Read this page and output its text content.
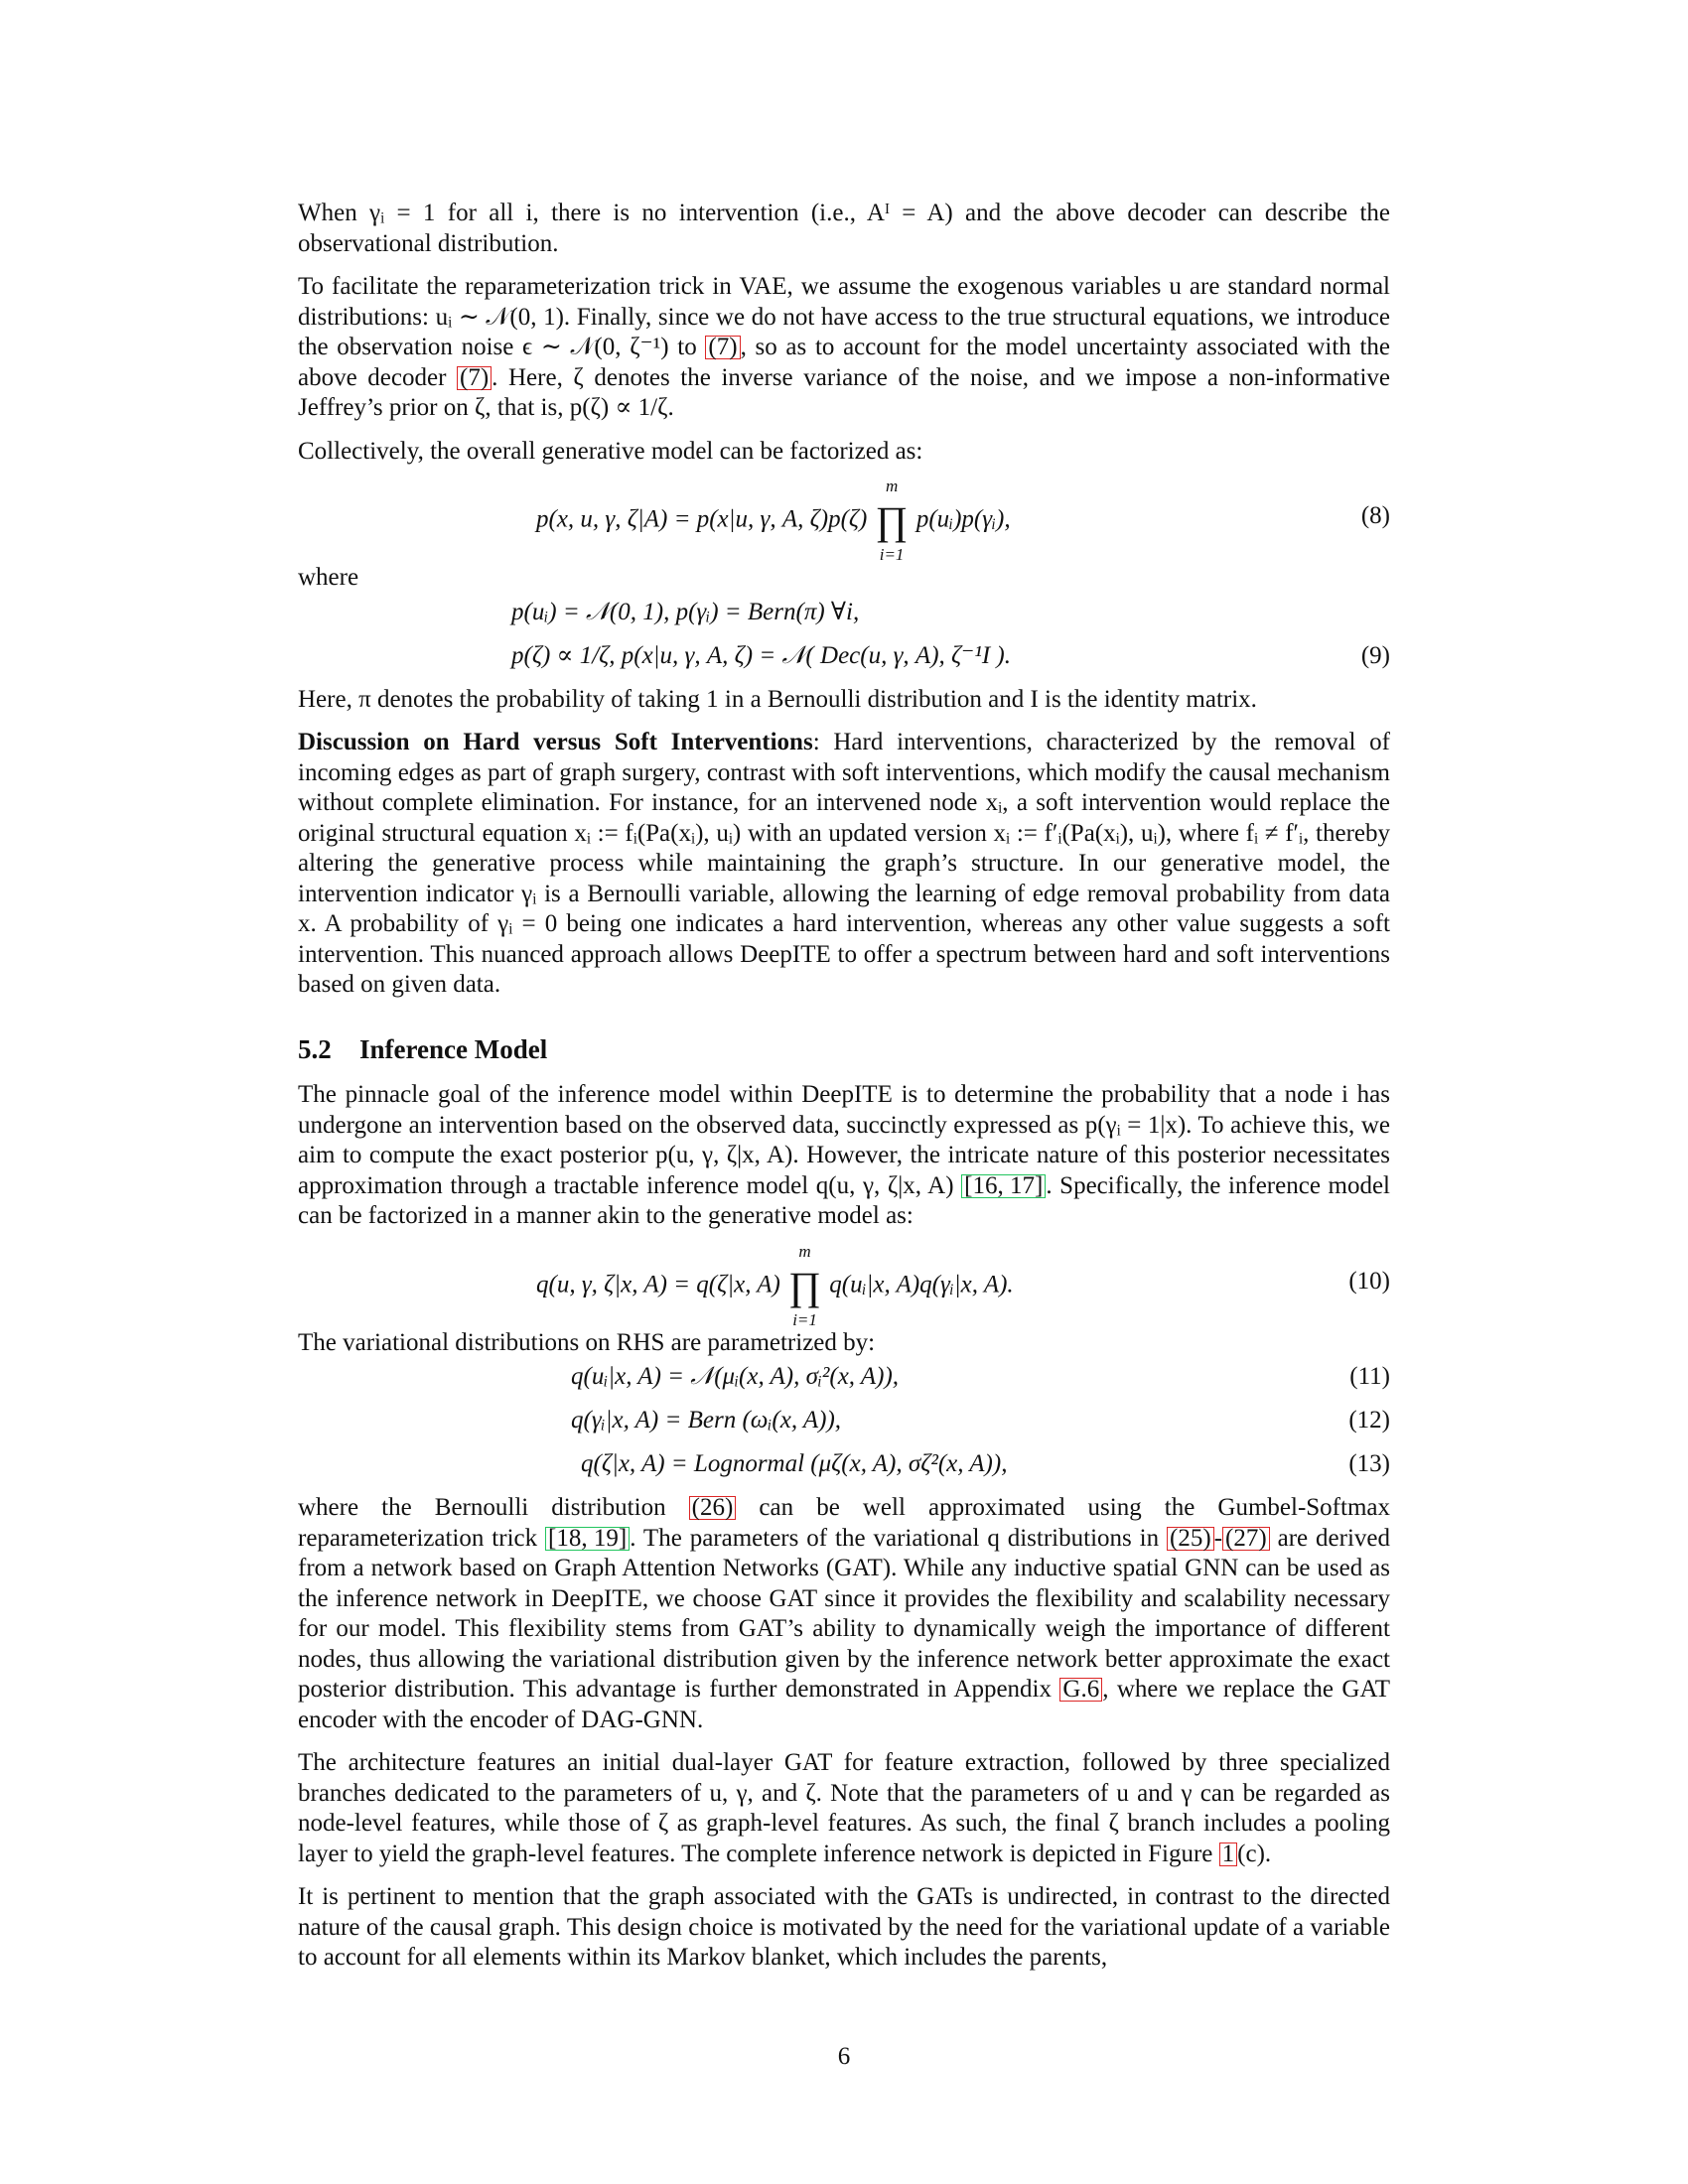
When γᵢ = 1 for all i, there is no intervention (i.e., Aᴵ = A) and the above decoder can describe the observational distribution.

To facilitate the reparameterization trick in VAE, we assume the exogenous variables u are standard normal distributions: uᵢ ∼ 𝒩(0, 1). Finally, since we do not have access to the true structural equations, we introduce the observation noise ϵ ∼ 𝒩(0, ζ⁻¹) to (7) , so as to account for the model uncertainty associated with the above decoder (7) . Here, ζ denotes the inverse variance of the noise, and we impose a non-informative Jeffrey’s prior on ζ, that is, p(ζ) ∝ 1/ζ.

Collectively, the overall generative model can be factorized as:

p(x, u, γ, ζ|A) = p(x|u, γ, A, ζ)p(ζ) ∏
m
i=1
p(uᵢ)p(γᵢ),	(8)
where
p(uᵢ) = 𝒩(0, 1), p(γᵢ) = Bern(π) ∀i,
p(ζ) ∝ 1/ζ, p(x|u, γ, A, ζ) = 𝒩( Dec(u, γ, A), ζ⁻¹I ).	(9)

Here, π denotes the probability of taking 1 in a Bernoulli distribution and I is the identity matrix.

Discussion on Hard versus Soft Interventions: Hard interventions, characterized by the removal of incoming edges as part of graph surgery, contrast with soft interventions, which modify the causal mechanism without complete elimination. For instance, for an intervened node xᵢ, a soft intervention would replace the original structural equation xᵢ := fᵢ(Pa(xᵢ), uᵢ) with an updated version xᵢ := f′ᵢ(Pa(xᵢ), uᵢ), where fᵢ ≠ f′ᵢ, thereby altering the generative process while maintaining the graph’s structure. In our generative model, the intervention indicator γᵢ is a Bernoulli variable, allowing the learning of edge removal probability from data x. A probability of γᵢ = 0 being one indicates a hard intervention, whereas any other value suggests a soft intervention. This nuanced approach allows DeepITE to offer a spectrum between hard and soft interventions based on given data.

5.2 Inference Model

The pinnacle goal of the inference model within DeepITE is to determine the probability that a node i has undergone an intervention based on the observed data, succinctly expressed as p(γᵢ = 1|x). To achieve this, we aim to compute the exact posterior p(u, γ, ζ|x, A). However, the intricate nature of this posterior necessitates approximation through a tractable inference model q(u, γ, ζ|x, A) [16, 17] . Specifically, the inference model can be factorized in a manner akin to the generative model as:

q(u, γ, ζ|x, A) = q(ζ|x, A) ∏
m
i=1
q(uᵢ|x, A)q(γᵢ|x, A).	(10)

The variational distributions on RHS are parametrized by:

q(uᵢ|x, A) = 𝒩(μᵢ(x, A), σᵢ²(x, A)),	(11)
q(γᵢ|x, A) = Bern (ωᵢ(x, A)),	(12)
q(ζ|x, A) = Lognormal (μζ(x, A), σζ²(x, A)),	(13)

where the Bernoulli distribution (26) can be well approximated using the Gumbel-Softmax reparameterization trick [18, 19] . The parameters of the variational q distributions in (25) - (27) are derived from a network based on Graph Attention Networks (GAT). While any inductive spatial GNN can be used as the inference network in DeepITE, we choose GAT since it provides the flexibility and scalability necessary for our model. This flexibility stems from GAT’s ability to dynamically weigh the importance of different nodes, thus allowing the variational distribution given by the inference network better approximate the exact posterior distribution. This advantage is further demonstrated in Appendix G.6 , where we replace the GAT encoder with the encoder of DAG-GNN.

The architecture features an initial dual-layer GAT for feature extraction, followed by three specialized branches dedicated to the parameters of u, γ, and ζ. Note that the parameters of u and γ can be regarded as node-level features, while those of ζ as graph-level features. As such, the final ζ branch includes a pooling layer to yield the graph-level features. The complete inference network is depicted in Figure 1 (c).

It is pertinent to mention that the graph associated with the GATs is undirected, in contrast to the directed nature of the causal graph. This design choice is motivated by the need for the variational update of a variable to account for all elements within its Markov blanket, which includes the parents,

6
